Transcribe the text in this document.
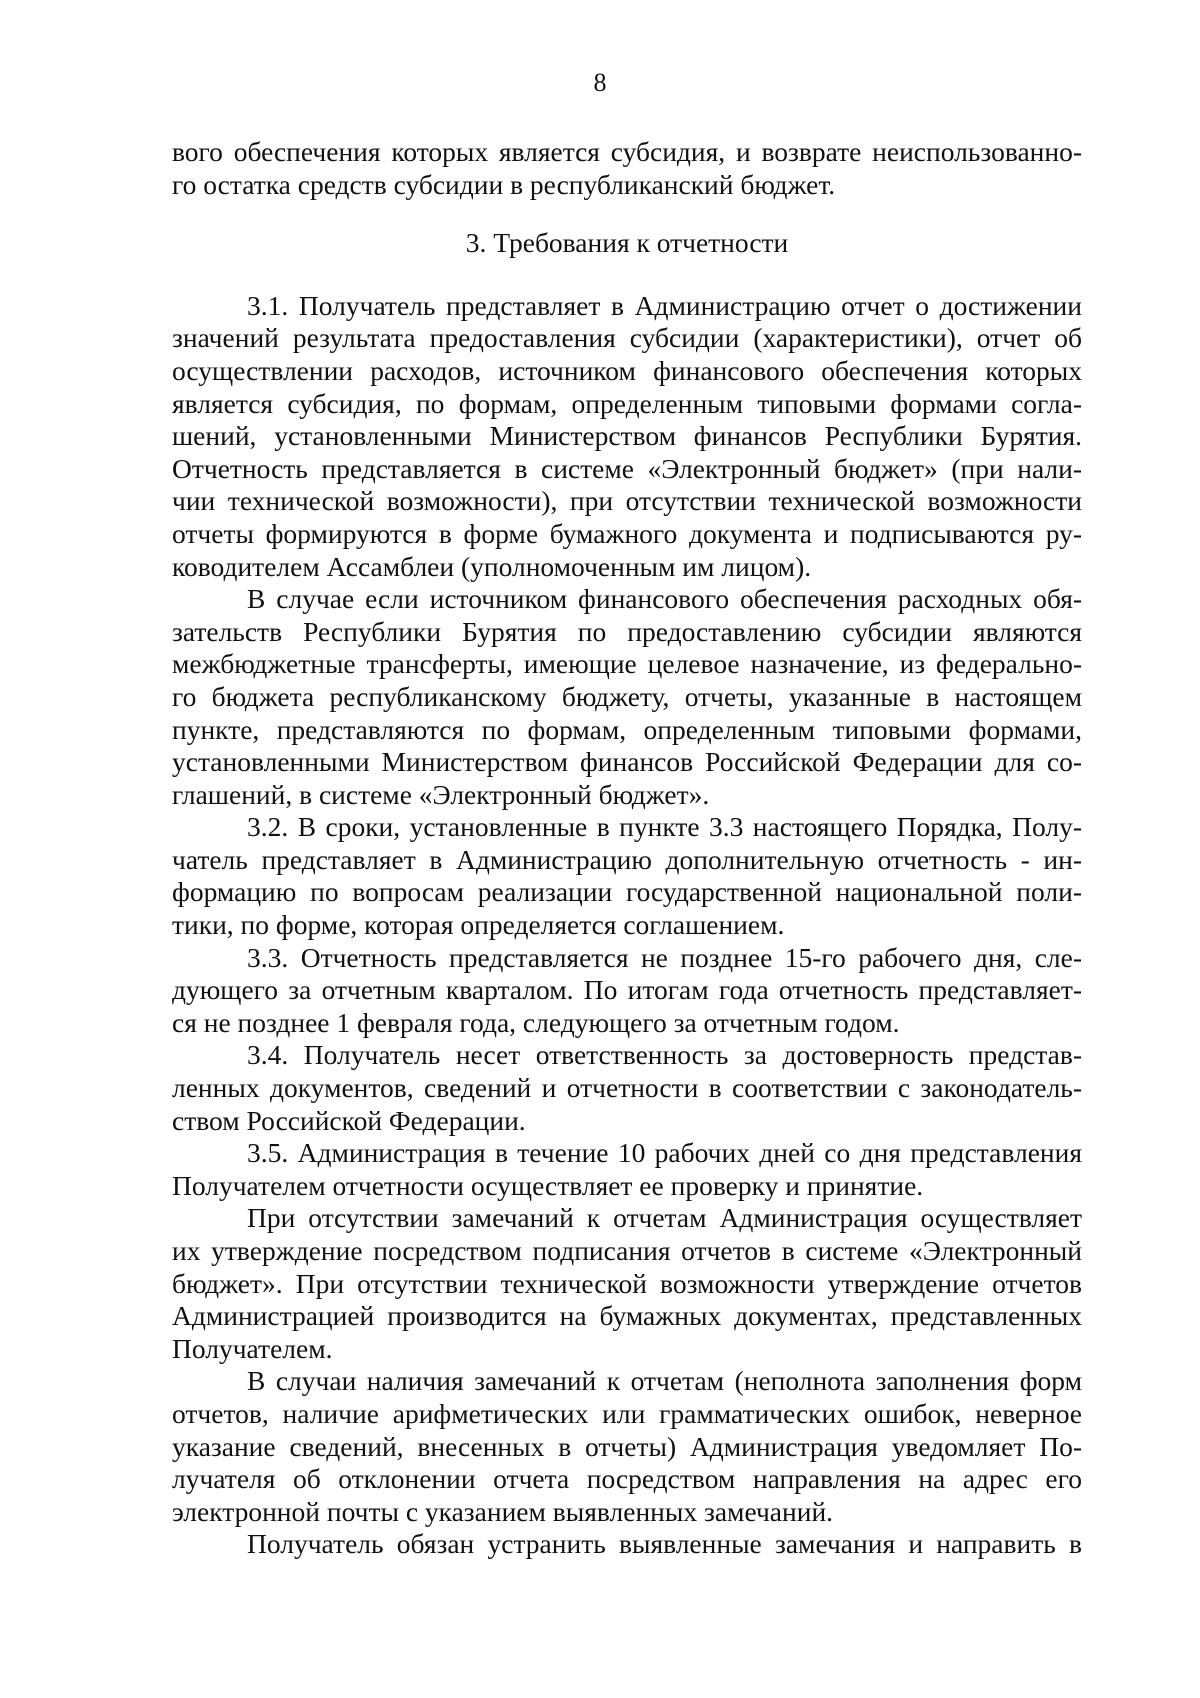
8
вого обеспечения которых является субсидия, и возврате неиспользованно-
го остатка средств субсидии в республиканский бюджет.
3. Требования к отчетности
3.1. Получатель представляет в Администрацию отчет о достижении
значений результата предоставления субсидии (характеристики), отчет об
осуществлении расходов, источником финансового обеспечения которых
является субсидия, по формам, определенным типовыми формами согла-
шений, установленными Министерством финансов Республики Бурятия.
Отчетность представляется в системе «Электронный бюджет» (при нали-
чии технической возможности), при отсутствии технической возможности
отчеты формируются в форме бумажного документа и подписываются ру-
ководителем Ассамблеи (уполномоченным им лицом).
В случае если источником финансового обеспечения расходных обя-
зательств Республики Бурятия по предоставлению субсидии являются
межбюджетные трансферты, имеющие целевое назначение, из федерально-
го бюджета республиканскому бюджету, отчеты, указанные в настоящем
пункте, представляются по формам, определенным типовыми формами,
установленными Министерством финансов Российской Федерации для со-
глашений, в системе «Электронный бюджет».
3.2. В сроки, установленные в пункте 3.3 настоящего Порядка, Полу-
чатель представляет в Администрацию дополнительную отчетность - ин-
формацию по вопросам реализации государственной национальной поли-
тики, по форме, которая определяется соглашением.
3.3. Отчетность представляется не позднее 15-го рабочего дня, сле-
дующего за отчетным кварталом. По итогам года отчетность представляет-
ся не позднее 1 февраля года, следующего за отчетным годом.
3.4. Получатель несет ответственность за достоверность представ-
ленных документов, сведений и отчетности в соответствии с законодатель-
ством Российской Федерации.
3.5. Администрация в течение 10 рабочих дней со дня представления
Получателем отчетности осуществляет ее проверку и принятие.
При отсутствии замечаний к отчетам Администрация осуществляет
их утверждение посредством подписания отчетов в системе «Электронный
бюджет». При отсутствии технической возможности утверждение отчетов
Администрацией производится на бумажных документах, представленных
Получателем.
В случаи наличия замечаний к отчетам (неполнота заполнения форм
отчетов, наличие арифметических или грамматических ошибок, неверное
указание сведений, внесенных в отчеты) Администрация уведомляет По-
лучателя об отклонении отчета посредством направления на адрес его
электронной почты с указанием выявленных замечаний.
Получатель обязан устранить выявленные замечания и направить в
